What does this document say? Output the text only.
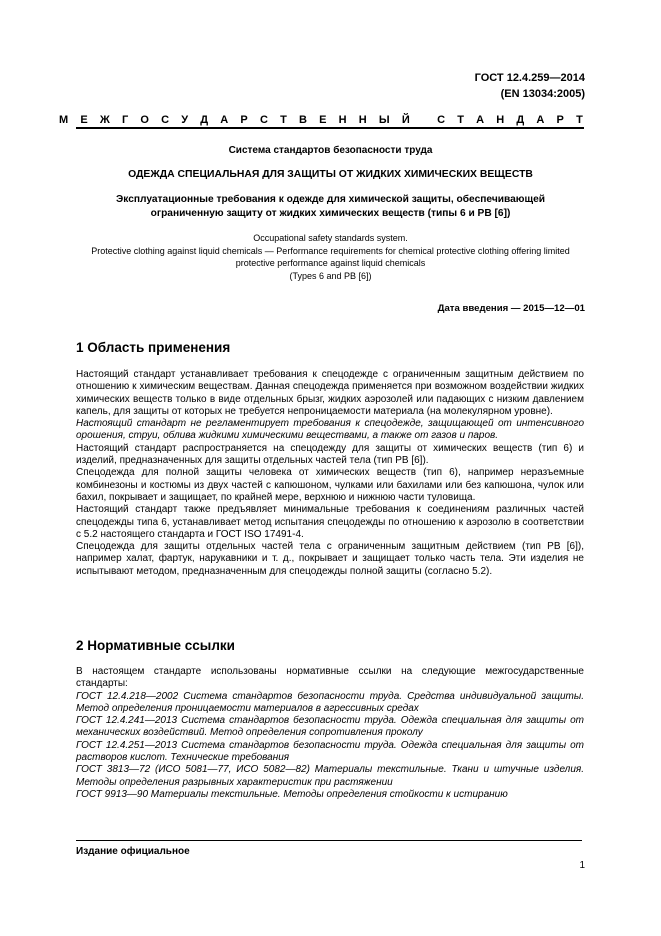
ГОСТ 12.4.259—2014
(EN 13034:2005)
М Е Ж Г О С У Д А Р С Т В Е Н Н Ы Й
С Т А Н Д А Р Т
Система стандартов безопасности труда
ОДЕЖДА СПЕЦИАЛЬНАЯ ДЛЯ ЗАЩИТЫ ОТ ЖИДКИХ ХИМИЧЕСКИХ ВЕЩЕСТВ
Эксплуатационные требования к одежде для химической защиты, обеспечивающей
ограниченную защиту от жидких химических веществ (типы 6 и PB [6])
Occupational safety standards system.
Protective clothing against liquid chemicals — Performance requirements for chemical protective clothing offering limited
protective performance against liquid chemicals
(Types 6 and PB [6])
Дата введения — 2015—12—01
1 Область применения

Настоящий стандарт устанавливает требования к спецодежде с ограниченным защитным действием по отношению к химическим веществам. Данная спецодежда применяется при возможном воздействии жидких химических веществ только в виде отдельных брызг, жидких аэрозолей или падающих с низким давлением капель, для защиты от которых не требуется непроницаемости материала (на молекулярном уровне).

Настоящий стандарт не регламентирует требования к спецодежде, защищающей от интенсивного орошения, струи, облива жидкими химическими веществами, а также от газов и паров.

Настоящий стандарт распространяется на спецодежду для защиты от химических веществ (тип 6) и изделий, предназначенных для защиты отдельных частей тела (тип PB [6]).

Спецодежда для полной защиты человека от химических веществ (тип 6), например неразъемные комбинезоны и костюмы из двух частей с капюшоном, чулками или бахилами или без капюшона, чулок или бахил, покрывает и защищает, по крайней мере, верхнюю и нижнюю части туловища.

Настоящий стандарт также предъявляет минимальные требования к соединениям различных частей спецодежды типа 6, устанавливает метод испытания спецодежды по отношению к аэрозолю в соответствии с 5.2 настоящего стандарта и ГОСТ ISO 17491-4.

Спецодежда для защиты отдельных частей тела с ограниченным защитным действием (тип PB [6]), например халат, фартук, нарукавники и т. д., покрывает и защищает только часть тела. Эти изделия не испытывают методом, предназначенным для спецодежды полной защиты (согласно 5.2).

2 Нормативные ссылки

В настоящем стандарте использованы нормативные ссылки на следующие межгосударственные стандарты:

ГОСТ 12.4.218—2002 Система стандартов безопасности труда. Средства индивидуальной защиты. Метод определения проницаемости материалов в агрессивных средах

ГОСТ 12.4.241—2013 Система стандартов безопасности труда. Одежда специальная для защиты от механических воздействий. Метод определения сопротивления проколу

ГОСТ 12.4.251—2013 Система стандартов безопасности труда. Одежда специальная для защиты от растворов кислот. Технические требования

ГОСТ 3813—72 (ИСО 5081—77, ИСО 5082—82) Материалы текстильные. Ткани и штучные изделия. Методы определения разрывных характеристик при растяжении

ГОСТ 9913—90 Материалы текстильные. Методы определения стойкости к истиранию

Издание официальное
1
